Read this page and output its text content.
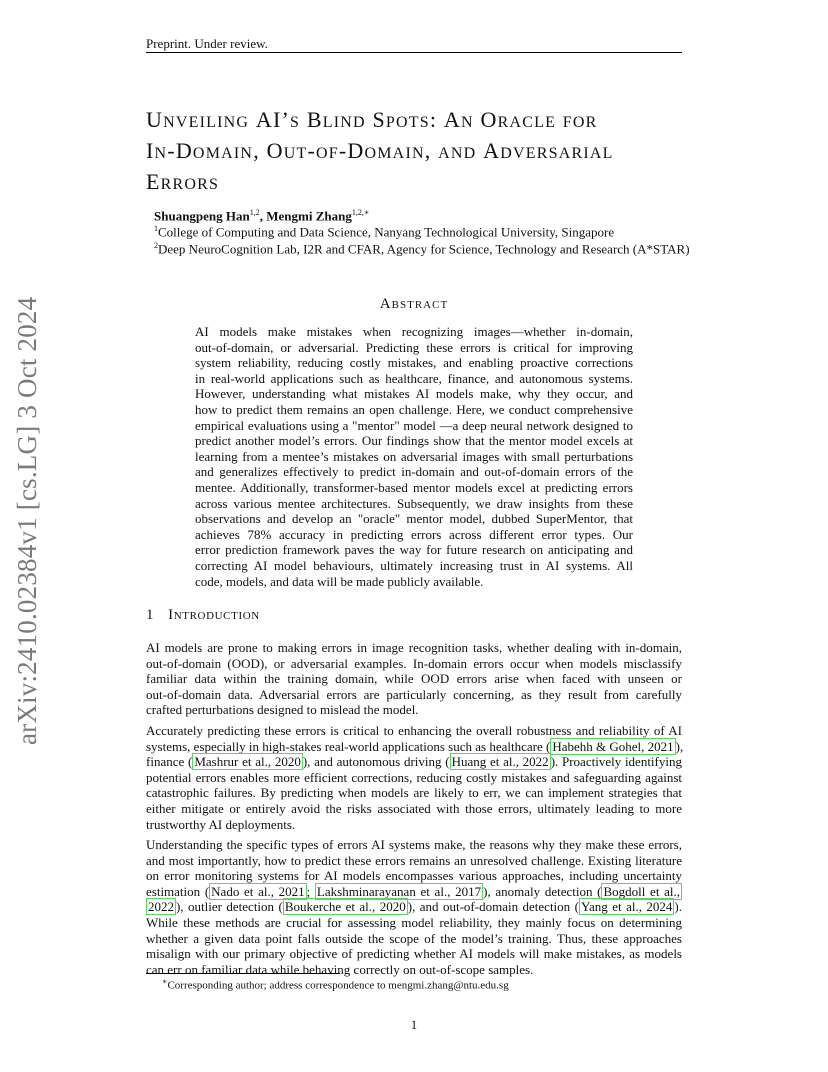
Preprint. Under review.
arXiv:2410.02384v1 [cs.LG] 3 Oct 2024
UNVEILING AI’S BLIND SPOTS: AN ORACLE FOR
IN-DOMAIN, OUT-OF-DOMAIN, AND ADVERSARIAL
ERRORS
Shuangpeng Han$^{1,2}$, Mengmi Zhang$^{1,2,∗}$
$^1$College of Computing and Data Science, Nanyang Technological University, Singapore
$^2$Deep NeuroCognition Lab, I2R and CFAR, Agency for Science, Technology and Research (A*STAR)
ABSTRACT
AI models make mistakes when recognizing images—whether in-domain,
out-of-domain, or adversarial. Predicting these errors is critical for improving
system reliability, reducing costly mistakes, and enabling proactive corrections
in real-world applications such as healthcare, finance, and autonomous systems.
However, understanding what mistakes AI models make, why they occur, and
how to predict them remains an open challenge. Here, we conduct comprehensive
empirical evaluations using a "mentor" model —a deep neural network designed to
predict another model’s errors. Our findings show that the mentor model excels at
learning from a mentee’s mistakes on adversarial images with small perturbations
and generalizes effectively to predict in-domain and out-of-domain errors of the
mentee. Additionally, transformer-based mentor models excel at predicting errors
across various mentee architectures. Subsequently, we draw insights from these
observations and develop an "oracle" mentor model, dubbed SuperMentor, that
achieves 78% accuracy in predicting errors across different error types. Our
error prediction framework paves the way for future research on anticipating and
correcting AI model behaviours, ultimately increasing trust in AI systems. All
code, models, and data will be made publicly available.
1 INTRODUCTION
AI models are prone to making errors in image recognition tasks, whether dealing with in-domain,
out-of-domain (OOD), or adversarial examples. In-domain errors occur when models misclassify
familiar data within the training domain, while OOD errors arise when faced with unseen or
out-of-domain data. Adversarial errors are particularly concerning, as they result from carefully
crafted perturbations designed to mislead the model.
Accurately predicting these errors is critical to enhancing the overall robustness and reliability of AI
systems, especially in high-stakes real-world applications such as healthcare ( Habehh & Gohel, 2021 ),
finance ( Mashrur et al., 2020 ), and autonomous driving ( Huang et al., 2022 ). Proactively identifying
potential errors enables more efficient corrections, reducing costly mistakes and safeguarding against
catastrophic failures. By predicting when models are likely to err, we can implement strategies that
either mitigate or entirely avoid the risks associated with those errors, ultimately leading to more
trustworthy AI deployments.
Understanding the specific types of errors AI systems make, the reasons why they make these errors,
and most importantly, how to predict these errors remains an unresolved challenge. Existing literature
on error monitoring systems for AI models encompasses various approaches, including uncertainty
estimation ( Nado et al., 2021 ; Lakshminarayanan et al., 2017 ), anomaly detection ( Bogdoll et al.,
2022 ), outlier detection ( Boukerche et al., 2020 ), and out-of-domain detection ( Yang et al., 2024 ).
While these methods are crucial for assessing model reliability, they mainly focus on determining
whether a given data point falls outside the scope of the model’s training. Thus, these approaches
misalign with our primary objective of predicting whether AI models will make mistakes, as models
can err on familiar data while behaving correctly on out-of-scope samples.
∗Corresponding author; address correspondence to mengmi.zhang@ntu.edu.sg
1
